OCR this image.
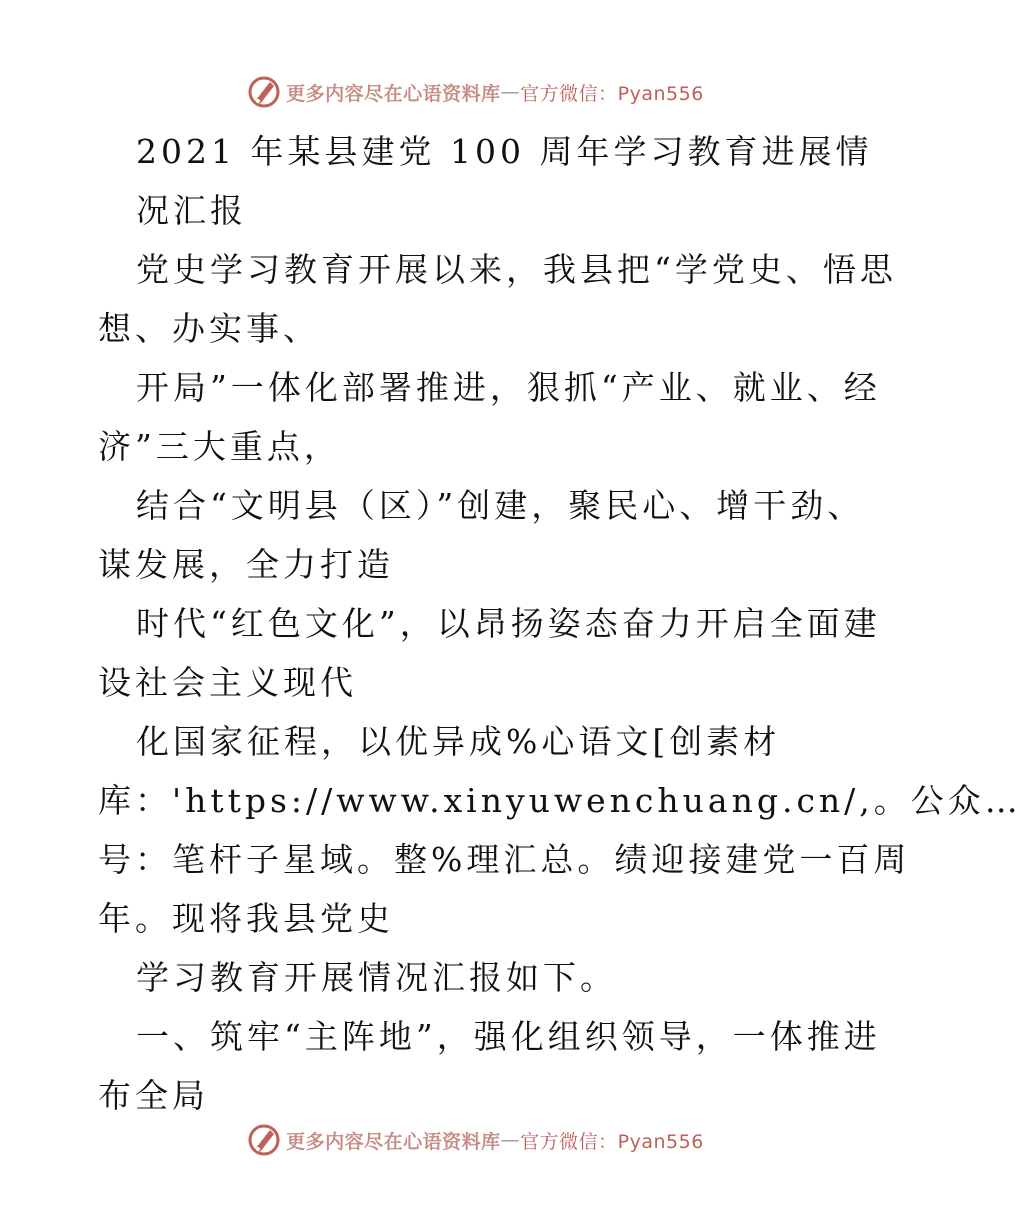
更多内容尽在心语资料库 — 官方微信：Pyan556
2021 年某县建党 100 周年学习教育进展情
况汇报
党史学习教育开展以来，我县把“学党史、悟思
想、办实事、
开局”一体化部署推进，狠抓“产业、就业、经
济”三大重点，
结合“文明县（区）”创建，聚民心、增干劲、
谋发展，全力打造
时代“红色文化”，以昂扬姿态奋力开启全面建
设社会主义现代
化国家征程，以优异成%心语文[创素材
库：'https://www.xinyuwenchuang.cn/,。公众…
号：笔杆子星域。整%理汇总。绩迎接建党一百周
年。现将我县党史
学习教育开展情况汇报如下。
一、筑牢“主阵地”，强化组织领导，一体推进
布全局
更多内容尽在心语资料库 — 官方微信：Pyan556
